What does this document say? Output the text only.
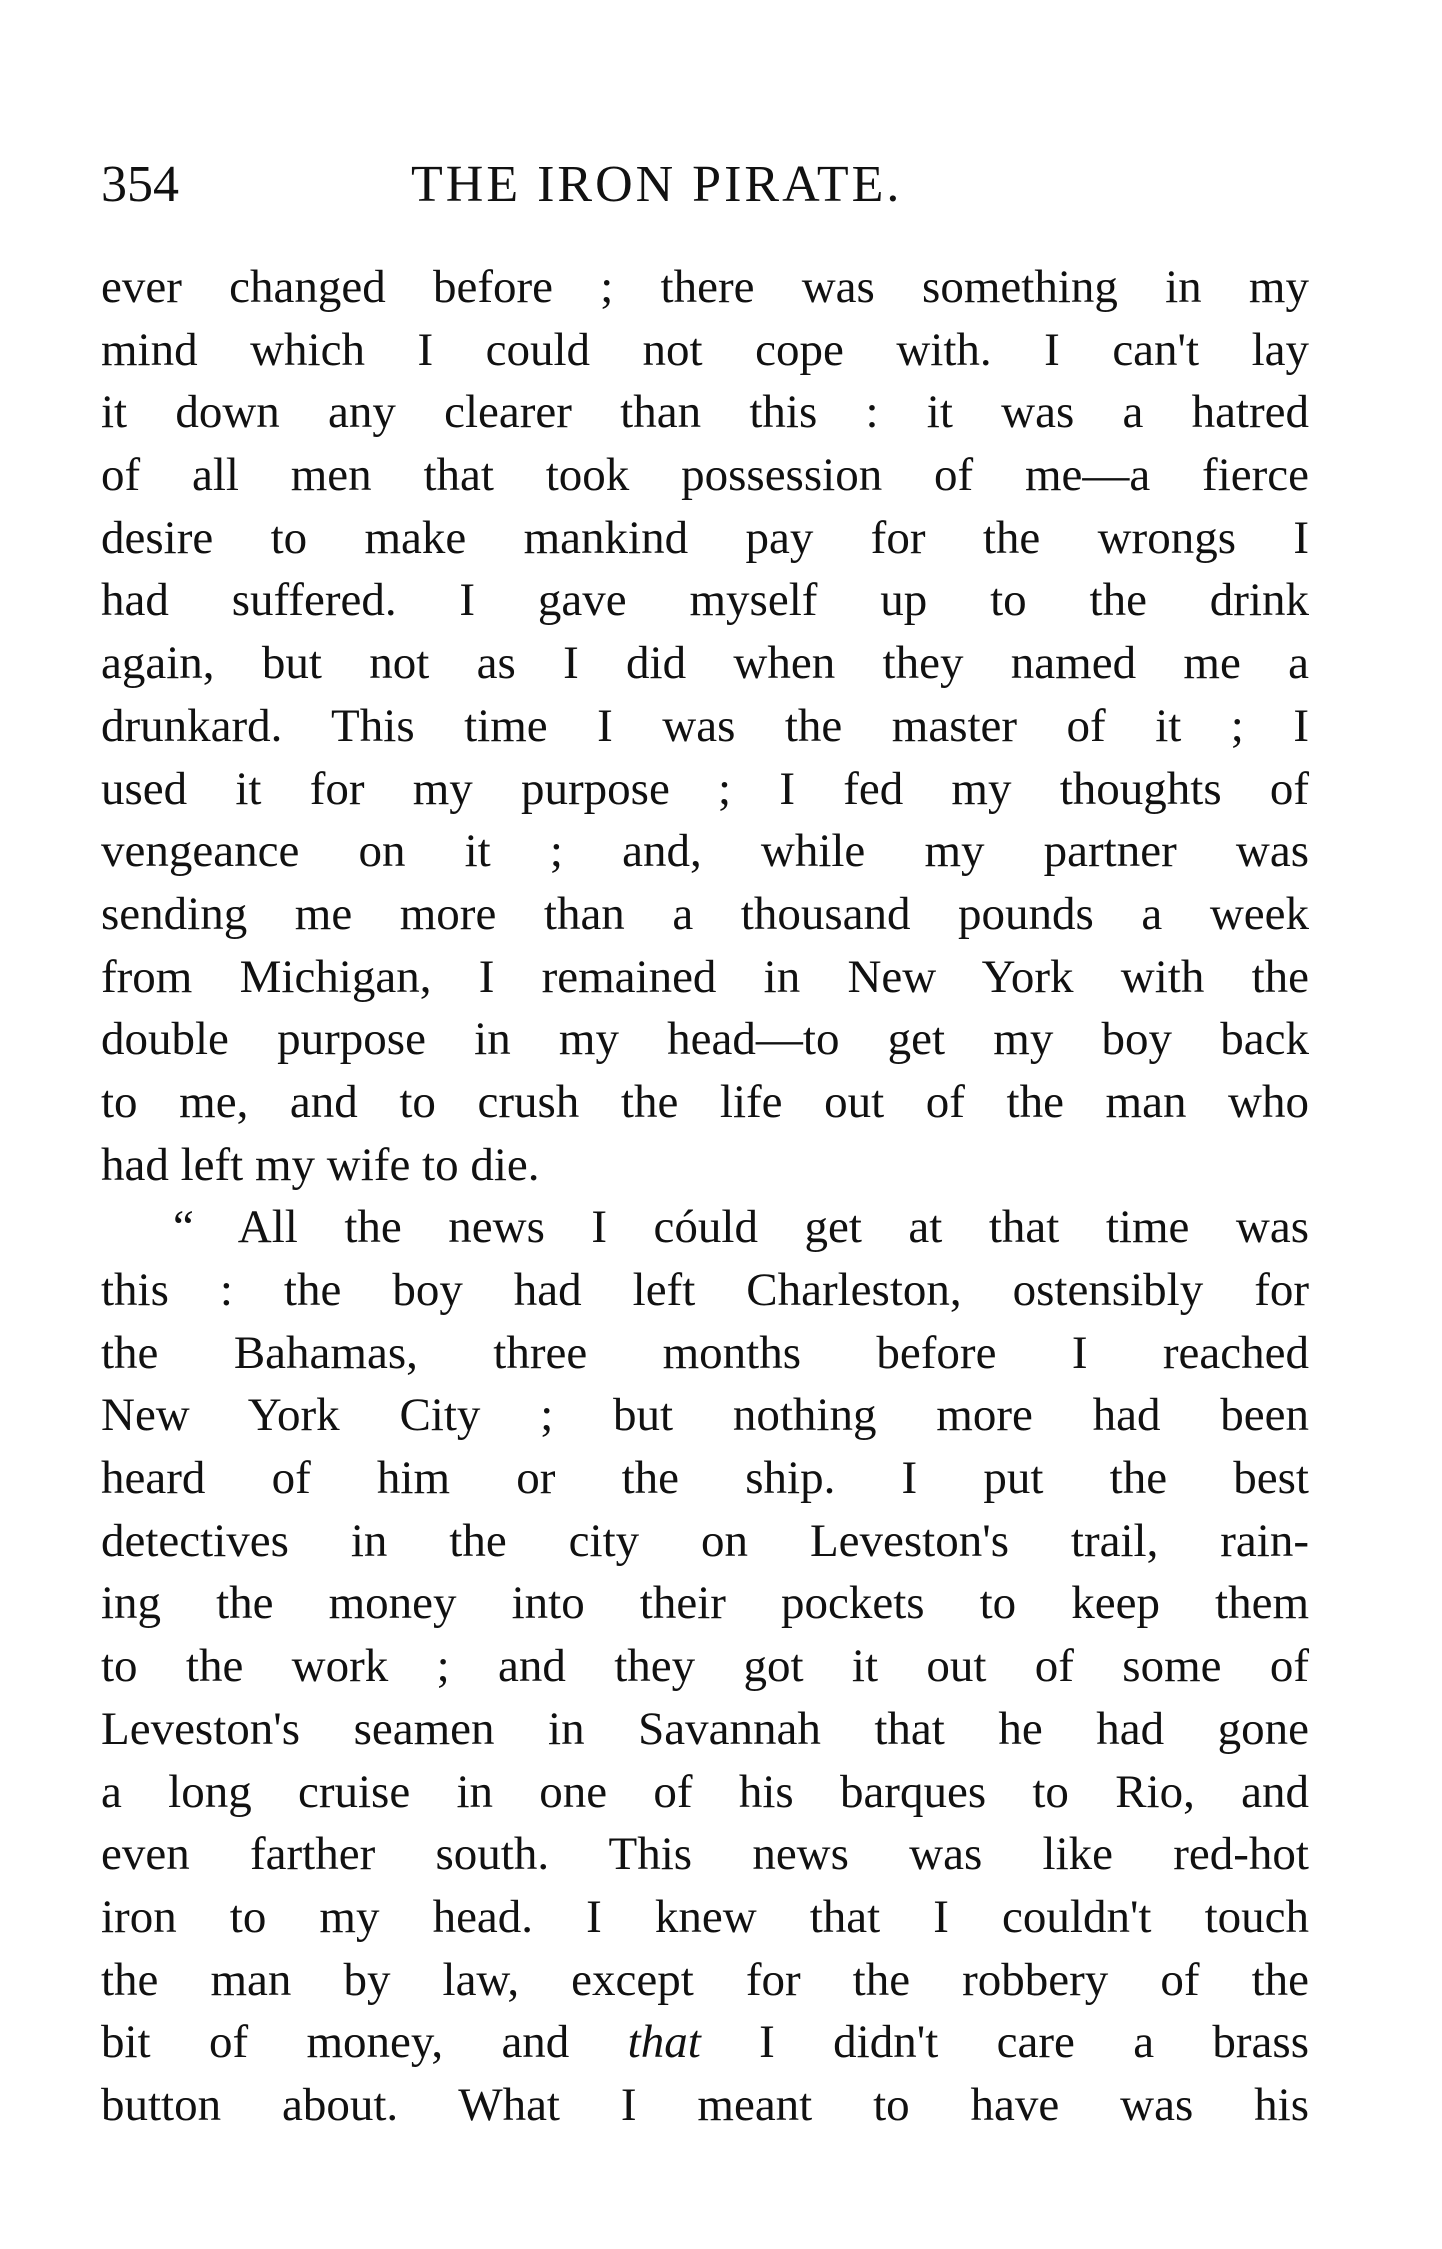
354	THE IRON PIRATE.
ever changed before ; there was something in my
mind which I could not cope with. I can't lay
it down any clearer than this : it was a hatred
of all men that took possession of me—a fierce
desire to make mankind pay for the wrongs I
had suffered. I gave myself up to the drink
again, but not as I did when they named me a
drunkard. This time I was the master of it ; I
used it for my purpose ; I fed my thoughts of
vengeance on it ; and, while my partner was
sending me more than a thousand pounds a week
from Michigan, I remained in New York with the
double purpose in my head—to get my boy back
to me, and to crush the life out of the man who
had left my wife to die.
“ All the news I cóuld get at that time was
this : the boy had left Charleston, ostensibly for
the Bahamas, three months before I reached
New York City ; but nothing more had been
heard of him or the ship. I put the best
detectives in the city on Leveston's trail, rain-
ing the money into their pockets to keep them
to the work ; and they got it out of some of
Leveston's seamen in Savannah that he had gone
a long cruise in one of his barques to Rio, and
even farther south. This news was like red-hot
iron to my head. I knew that I couldn't touch
the man by law, except for the robbery of the
bit of money, and that I didn't care a brass
button about. What I meant to have was his
